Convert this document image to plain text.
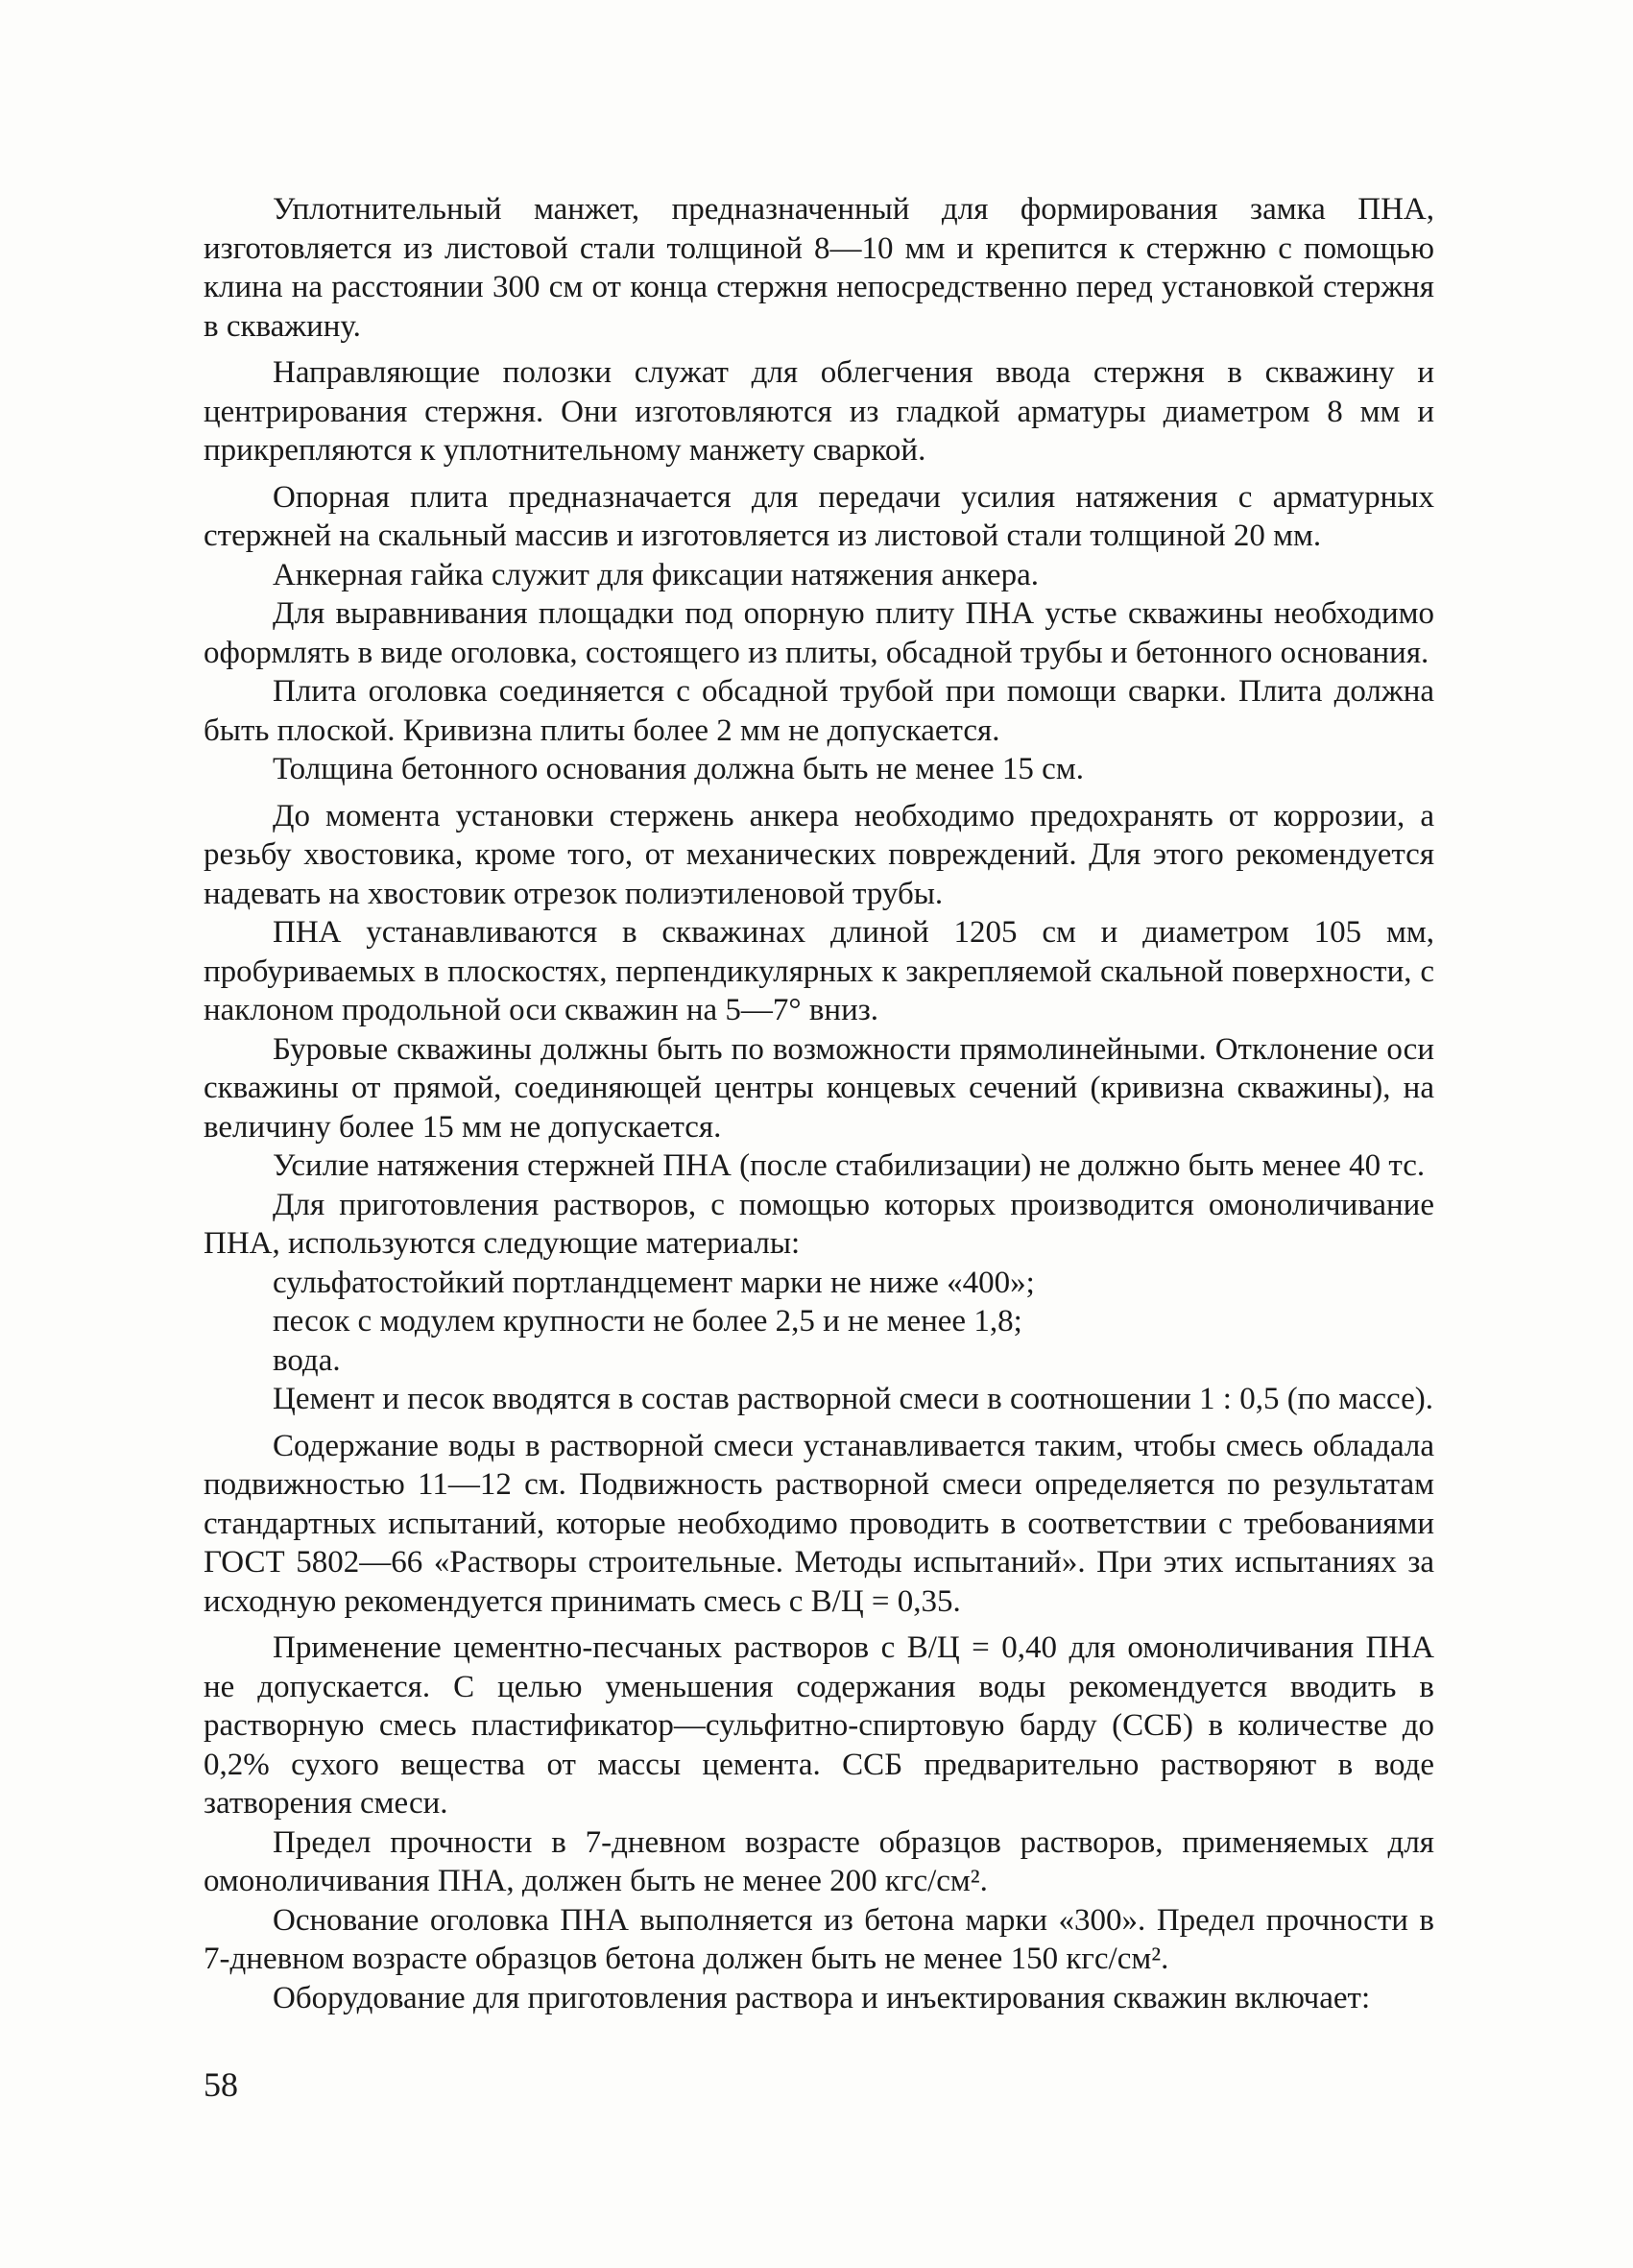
Уплотнительный манжет, предназначенный для формирования замка ПНА, изготовляется из листовой стали толщиной 8—10 мм и крепится к стержню с помощью клина на расстоянии 300 см от конца стержня непосредственно перед установкой стержня в скважину.

Направляющие полозки служат для облегчения ввода стержня в скважину и центрирования стержня. Они изготовляются из гладкой арматуры диаметром 8 мм и прикрепляются к уплотнительному манжету сваркой.

Опорная плита предназначается для передачи усилия натяжения с арматурных стержней на скальный массив и изготовляется из листовой стали толщиной 20 мм.

Анкерная гайка служит для фиксации натяжения анкера.

Для выравнивания площадки под опорную плиту ПНА устье скважины необходимо оформлять в виде оголовка, состоящего из плиты, обсадной трубы и бетонного основания.

Плита оголовка соединяется с обсадной трубой при помощи сварки. Плита должна быть плоской. Кривизна плиты более 2 мм не допускается.

Толщина бетонного основания должна быть не менее 15 см.

До момента установки стержень анкера необходимо предохранять от коррозии, а резьбу хвостовика, кроме того, от механических повреждений. Для этого рекомендуется надевать на хвостовик отрезок полиэтиленовой трубы.

ПНА устанавливаются в скважинах длиной 1205 см и диаметром 105 мм, пробуриваемых в плоскостях, перпендикулярных к закрепляемой скальной поверхности, с наклоном продольной оси скважин на 5—7° вниз.

Буровые скважины должны быть по возможности прямолинейными. Отклонение оси скважины от прямой, соединяющей центры концевых сечений (кривизна скважины), на величину более 15 мм не допускается.

Усилие натяжения стержней ПНА (после стабилизации) не должно быть менее 40 тс.

Для приготовления растворов, с помощью которых производится омоноличивание ПНА, используются следующие материалы:

сульфатостойкий портландцемент марки не ниже «400»;

песок с модулем крупности не более 2,5 и не менее 1,8;

вода.

Цемент и песок вводятся в состав растворной смеси в соотношении 1 : 0,5 (по массе).

Содержание воды в растворной смеси устанавливается таким, чтобы смесь обладала подвижностью 11—12 см. Подвижность растворной смеси определяется по результатам стандартных испытаний, которые необходимо проводить в соответствии с требованиями ГОСТ 5802—66 «Растворы строительные. Методы испытаний». При этих испытаниях за исходную рекомендуется принимать смесь с В/Ц = 0,35.

Применение цементно-песчаных растворов с В/Ц = 0,40 для омоноличивания ПНА не допускается. С целью уменьшения содержания воды рекомендуется вводить в растворную смесь пластификатор—сульфитно-спиртовую барду (ССБ) в количестве до 0,2% сухого вещества от массы цемента. ССБ предварительно растворяют в воде затворения смеси.

Предел прочности в 7-дневном возрасте образцов растворов, применяемых для омоноличивания ПНА, должен быть не менее 200 кгс/см².

Основание оголовка ПНА выполняется из бетона марки «300». Предел прочности в 7-дневном возрасте образцов бетона должен быть не менее 150 кгс/см².

Оборудование для приготовления раствора и инъектирования скважин включает:

58
